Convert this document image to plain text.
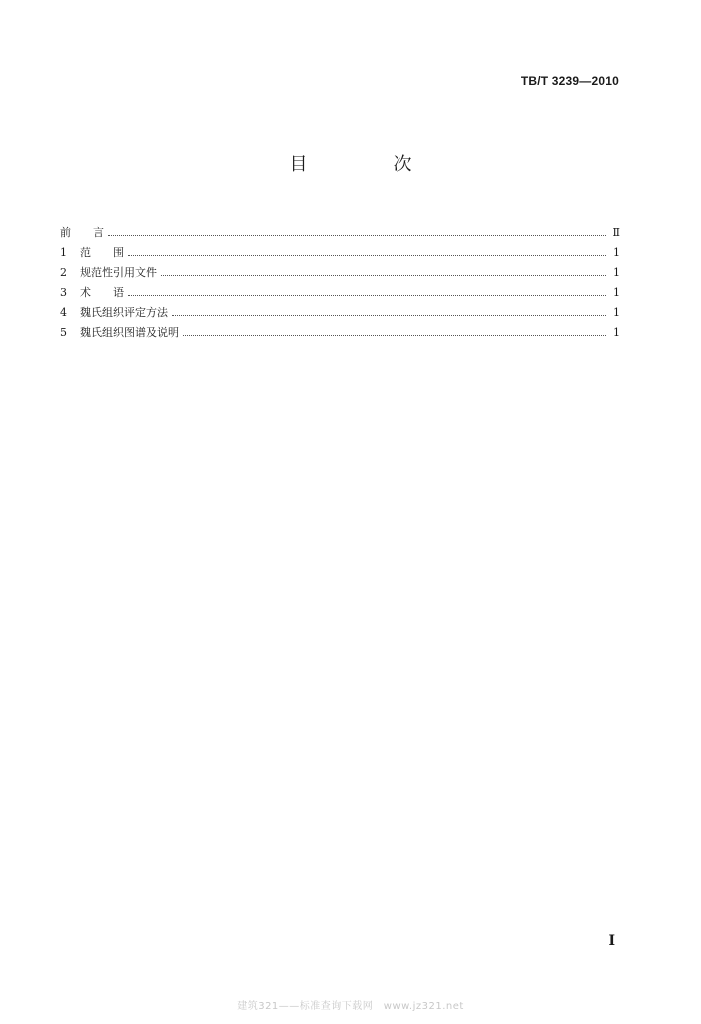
TB/T 3239—2010
目　次
前　　言	Ⅱ
1	范　　围	1
2	规范性引用文件	1
3	术　　语	1
4	魏氏组织评定方法	1
5	魏氏组织图谱及说明	1
Ⅰ
建筑321——标准查询下载网　www.jz321.net
